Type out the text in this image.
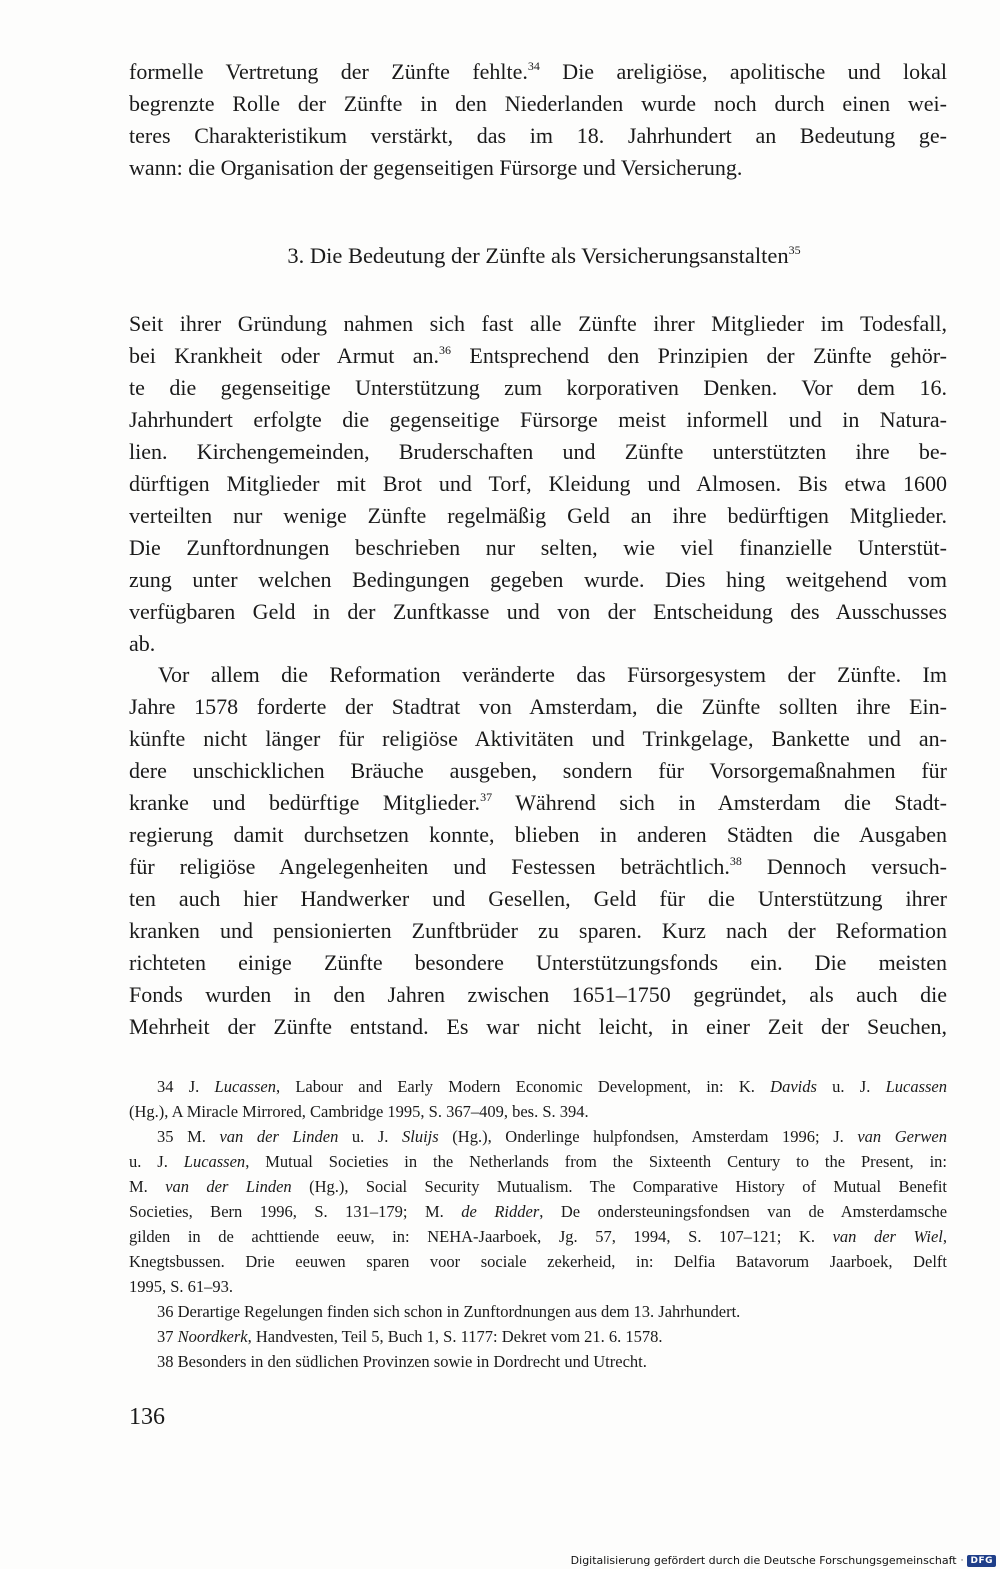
formelle Vertretung der Zünfte fehlte.$^{34}$ Die areligiöse, apolitische und lokal
begrenzte Rolle der Zünfte in den Niederlanden wurde noch durch einen wei-
teres Charakteristikum verstärkt, das im 18. Jahrhundert an Bedeutung ge-
wann: die Organisation der gegenseitigen Fürsorge und Versicherung.
3. Die Bedeutung der Zünfte als Versicherungsanstalten$^{35}$
Seit ihrer Gründung nahmen sich fast alle Zünfte ihrer Mitglieder im Todesfall,
bei Krankheit oder Armut an.$^{36}$ Entsprechend den Prinzipien der Zünfte gehör-
te die gegenseitige Unterstützung zum korporativen Denken. Vor dem 16.
Jahrhundert erfolgte die gegenseitige Fürsorge meist informell und in Natura-
lien. Kirchengemeinden, Bruderschaften und Zünfte unterstützten ihre be-
dürftigen Mitglieder mit Brot und Torf, Kleidung und Almosen. Bis etwa 1600
verteilten nur wenige Zünfte regelmäßig Geld an ihre bedürftigen Mitglieder.
Die Zunftordnungen beschrieben nur selten, wie viel finanzielle Unterstüt-
zung unter welchen Bedingungen gegeben wurde. Dies hing weitgehend vom
verfügbaren Geld in der Zunftkasse und von der Entscheidung des Ausschusses
ab.
Vor allem die Reformation veränderte das Fürsorgesystem der Zünfte. Im
Jahre 1578 forderte der Stadtrat von Amsterdam, die Zünfte sollten ihre Ein-
künfte nicht länger für religiöse Aktivitäten und Trinkgelage, Bankette und an-
dere unschicklichen Bräuche ausgeben, sondern für Vorsorgemaßnahmen für
kranke und bedürftige Mitglieder.$^{37}$ Während sich in Amsterdam die Stadt-
regierung damit durchsetzen konnte, blieben in anderen Städten die Ausgaben
für religiöse Angelegenheiten und Festessen beträchtlich.$^{38}$ Dennoch versuch-
ten auch hier Handwerker und Gesellen, Geld für die Unterstützung ihrer
kranken und pensionierten Zunftbrüder zu sparen. Kurz nach der Reformation
richteten einige Zünfte besondere Unterstützungsfonds ein. Die meisten
Fonds wurden in den Jahren zwischen 1651–1750 gegründet, als auch die
Mehrheit der Zünfte entstand. Es war nicht leicht, in einer Zeit der Seuchen,
34 J. Lucassen, Labour and Early Modern Economic Development, in: K. Davids u. J. Lucassen
(Hg.), A Miracle Mirrored, Cambridge 1995, S. 367–409, bes. S. 394.
35 M. van der Linden u. J. Sluijs (Hg.), Onderlinge hulpfondsen, Amsterdam 1996; J. van Gerwen
u. J. Lucassen, Mutual Societies in the Netherlands from the Sixteenth Century to the Present, in:
M. van der Linden (Hg.), Social Security Mutualism. The Comparative History of Mutual Benefit
Societies, Bern 1996, S. 131–179; M. de Ridder, De ondersteuningsfondsen van de Amsterdamsche
gilden in de achttiende eeuw, in: NEHA-Jaarboek, Jg. 57, 1994, S. 107–121; K. van der Wiel,
Knegtsbussen. Drie eeuwen sparen voor sociale zekerheid, in: Delfia Batavorum Jaarboek, Delft
1995, S. 61–93.
36 Derartige Regelungen finden sich schon in Zunftordnungen aus dem 13. Jahrhundert.
37 Noordkerk, Handvesten, Teil 5, Buch 1, S. 1177: Dekret vom 21. 6. 1578.
38 Besonders in den südlichen Provinzen sowie in Dordrecht und Utrecht.
136
Digitalisierung gefördert durch die Deutsche Forschungsgemeinschaft · DFG
